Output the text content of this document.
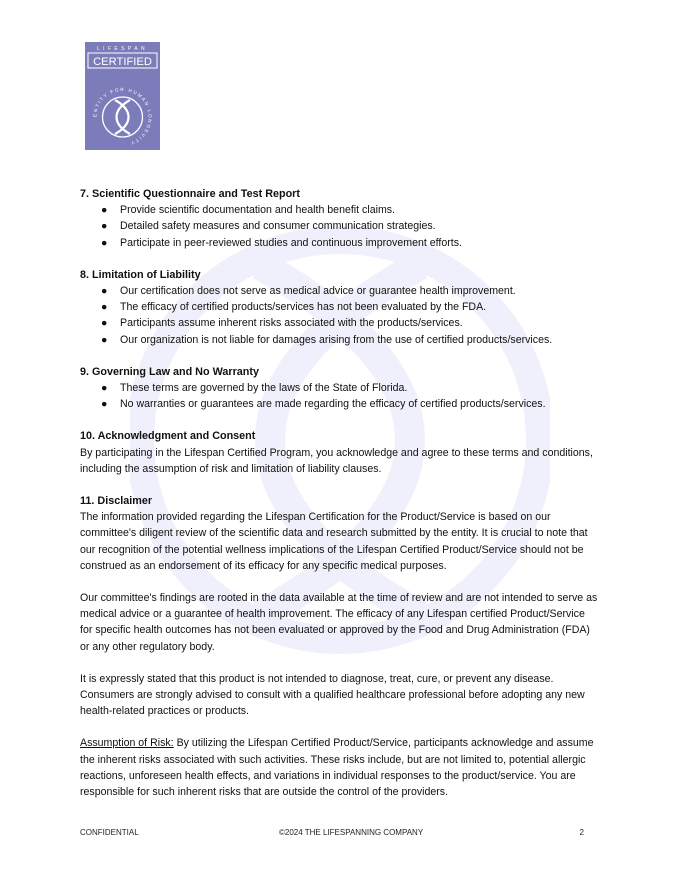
LIFESPAN
CERTIFIED
ENTITY FOR HUMAN LONGEVITY
7. Scientific Questionnaire and Test Report
● Provide scientific documentation and health benefit claims.
● Detailed safety measures and consumer communication strategies.
● Participate in peer-reviewed studies and continuous improvement efforts.
8. Limitation of Liability
● Our certification does not serve as medical advice or guarantee health improvement.
● The efficacy of certified products/services has not been evaluated by the FDA.
● Participants assume inherent risks associated with the products/services.
● Our organization is not liable for damages arising from the use of certified products/services.
9. Governing Law and No Warranty
● These terms are governed by the laws of the State of Florida.
● No warranties or guarantees are made regarding the efficacy of certified products/services.
10. Acknowledgment and Consent

By participating in the Lifespan Certified Program, you acknowledge and agree to these terms and conditions, including the assumption of risk and limitation of liability clauses.

11. Disclaimer

The information provided regarding the Lifespan Certification for the Product/Service is based on our committee's diligent review of the scientific data and research submitted by the entity. It is crucial to note that our recognition of the potential wellness implications of the Lifespan Certified Product/Service should not be construed as an endorsement of its efficacy for any specific medical purposes.

Our committee's findings are rooted in the data available at the time of review and are not intended to serve as medical advice or a guarantee of health improvement. The efficacy of any Lifespan certified Product/Service for specific health outcomes has not been evaluated or approved by the Food and Drug Administration (FDA) or any other regulatory body.

It is expressly stated that this product is not intended to diagnose, treat, cure, or prevent any disease. Consumers are strongly advised to consult with a qualified healthcare professional before adopting any new health-related practices or products.

Assumption of Risk: By utilizing the Lifespan Certified Product/Service, participants acknowledge and assume the inherent risks associated with such activities. These risks include, but are not limited to, potential allergic reactions, unforeseen health effects, and variations in individual responses to the product/service. You are responsible for such inherent risks that are outside the control of the providers.

CONFIDENTIAL	©2024 THE LIFESPANNING COMPANY	2
